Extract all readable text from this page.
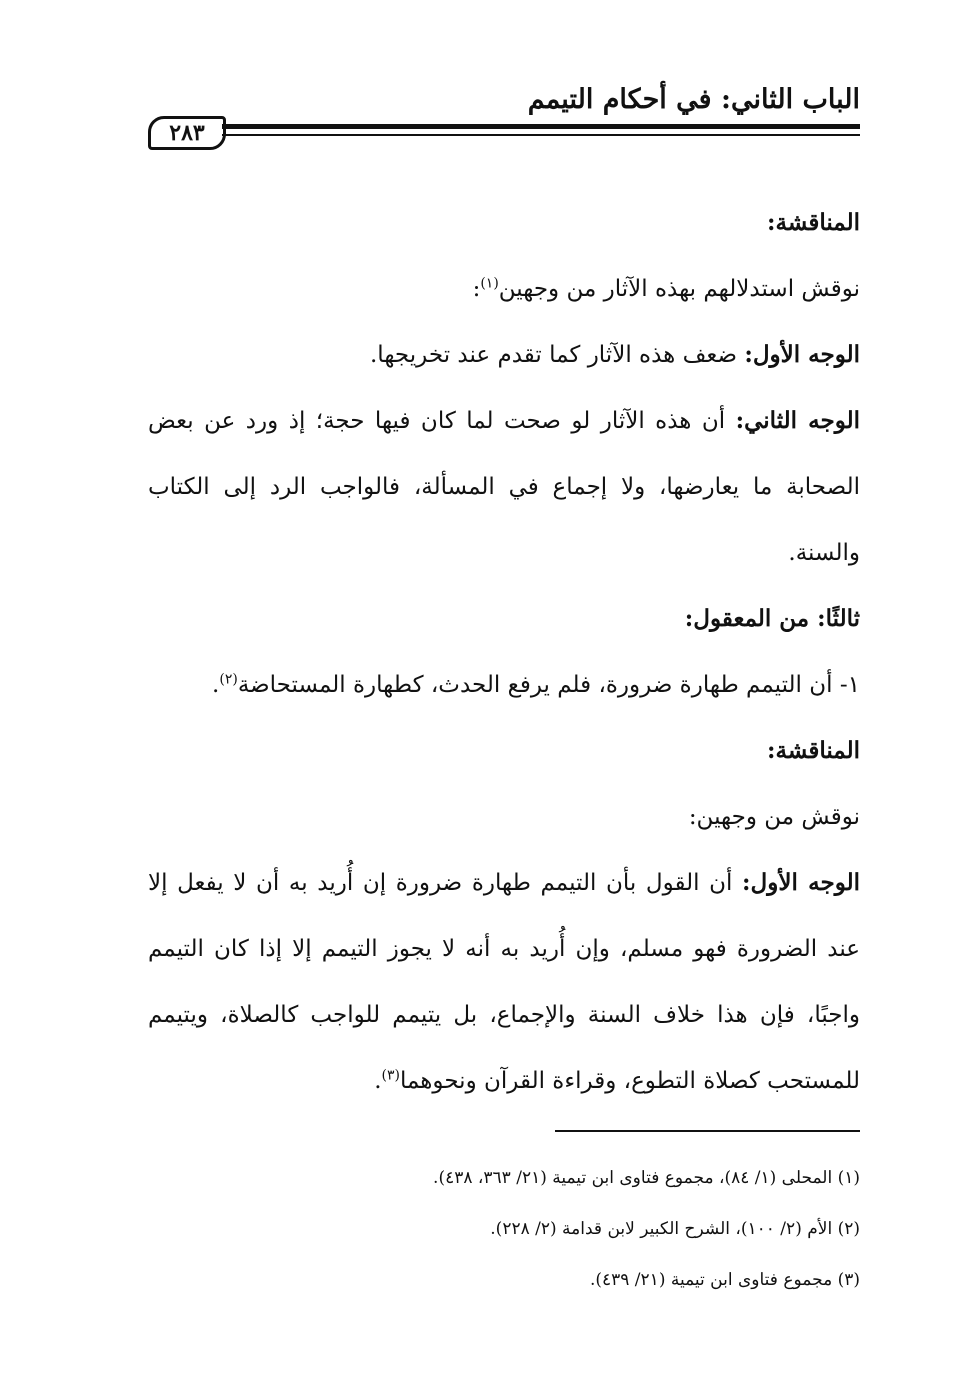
الباب الثاني: في أحكام التيمم
٢٨٣
المناقشة:
نوقش استدلالهم بهذه الآثار من وجهين$^{(١)}$:
الوجه الأول: ضعف هذه الآثار كما تقدم عند تخريجها.
الوجه الثاني: أن هذه الآثار لو صحت لما كان فيها حجة؛ إذ ورد عن بعض الصحابة ما يعارضها، ولا إجماع في المسألة، فالواجب الرد إلى الكتاب والسنة.
ثالثًا: من المعقول:
١- أن التيمم طهارة ضرورة، فلم يرفع الحدث، كطهارة المستحاضة$^{(٢)}$.
المناقشة:
نوقش من وجهين:
الوجه الأول: أن القول بأن التيمم طهارة ضرورة إن أُريد به أن لا يفعل إلا عند الضرورة فهو مسلم، وإن أُريد به أنه لا يجوز التيمم إلا إذا كان التيمم واجبًا، فإن هذا خلاف السنة والإجماع، بل يتيمم للواجب كالصلاة، ويتيمم للمستحب كصلاة التطوع، وقراءة القرآن ونحوهما$^{(٣)}$.
(١) المحلى (١/ ٨٤)، مجموع فتاوى ابن تيمية (٢١/ ٣٦٣، ٤٣٨).
(٢) الأم (٢/ ١٠٠)، الشرح الكبير لابن قدامة (٢/ ٢٢٨).
(٣) مجموع فتاوى ابن تيمية (٢١/ ٤٣٩).
